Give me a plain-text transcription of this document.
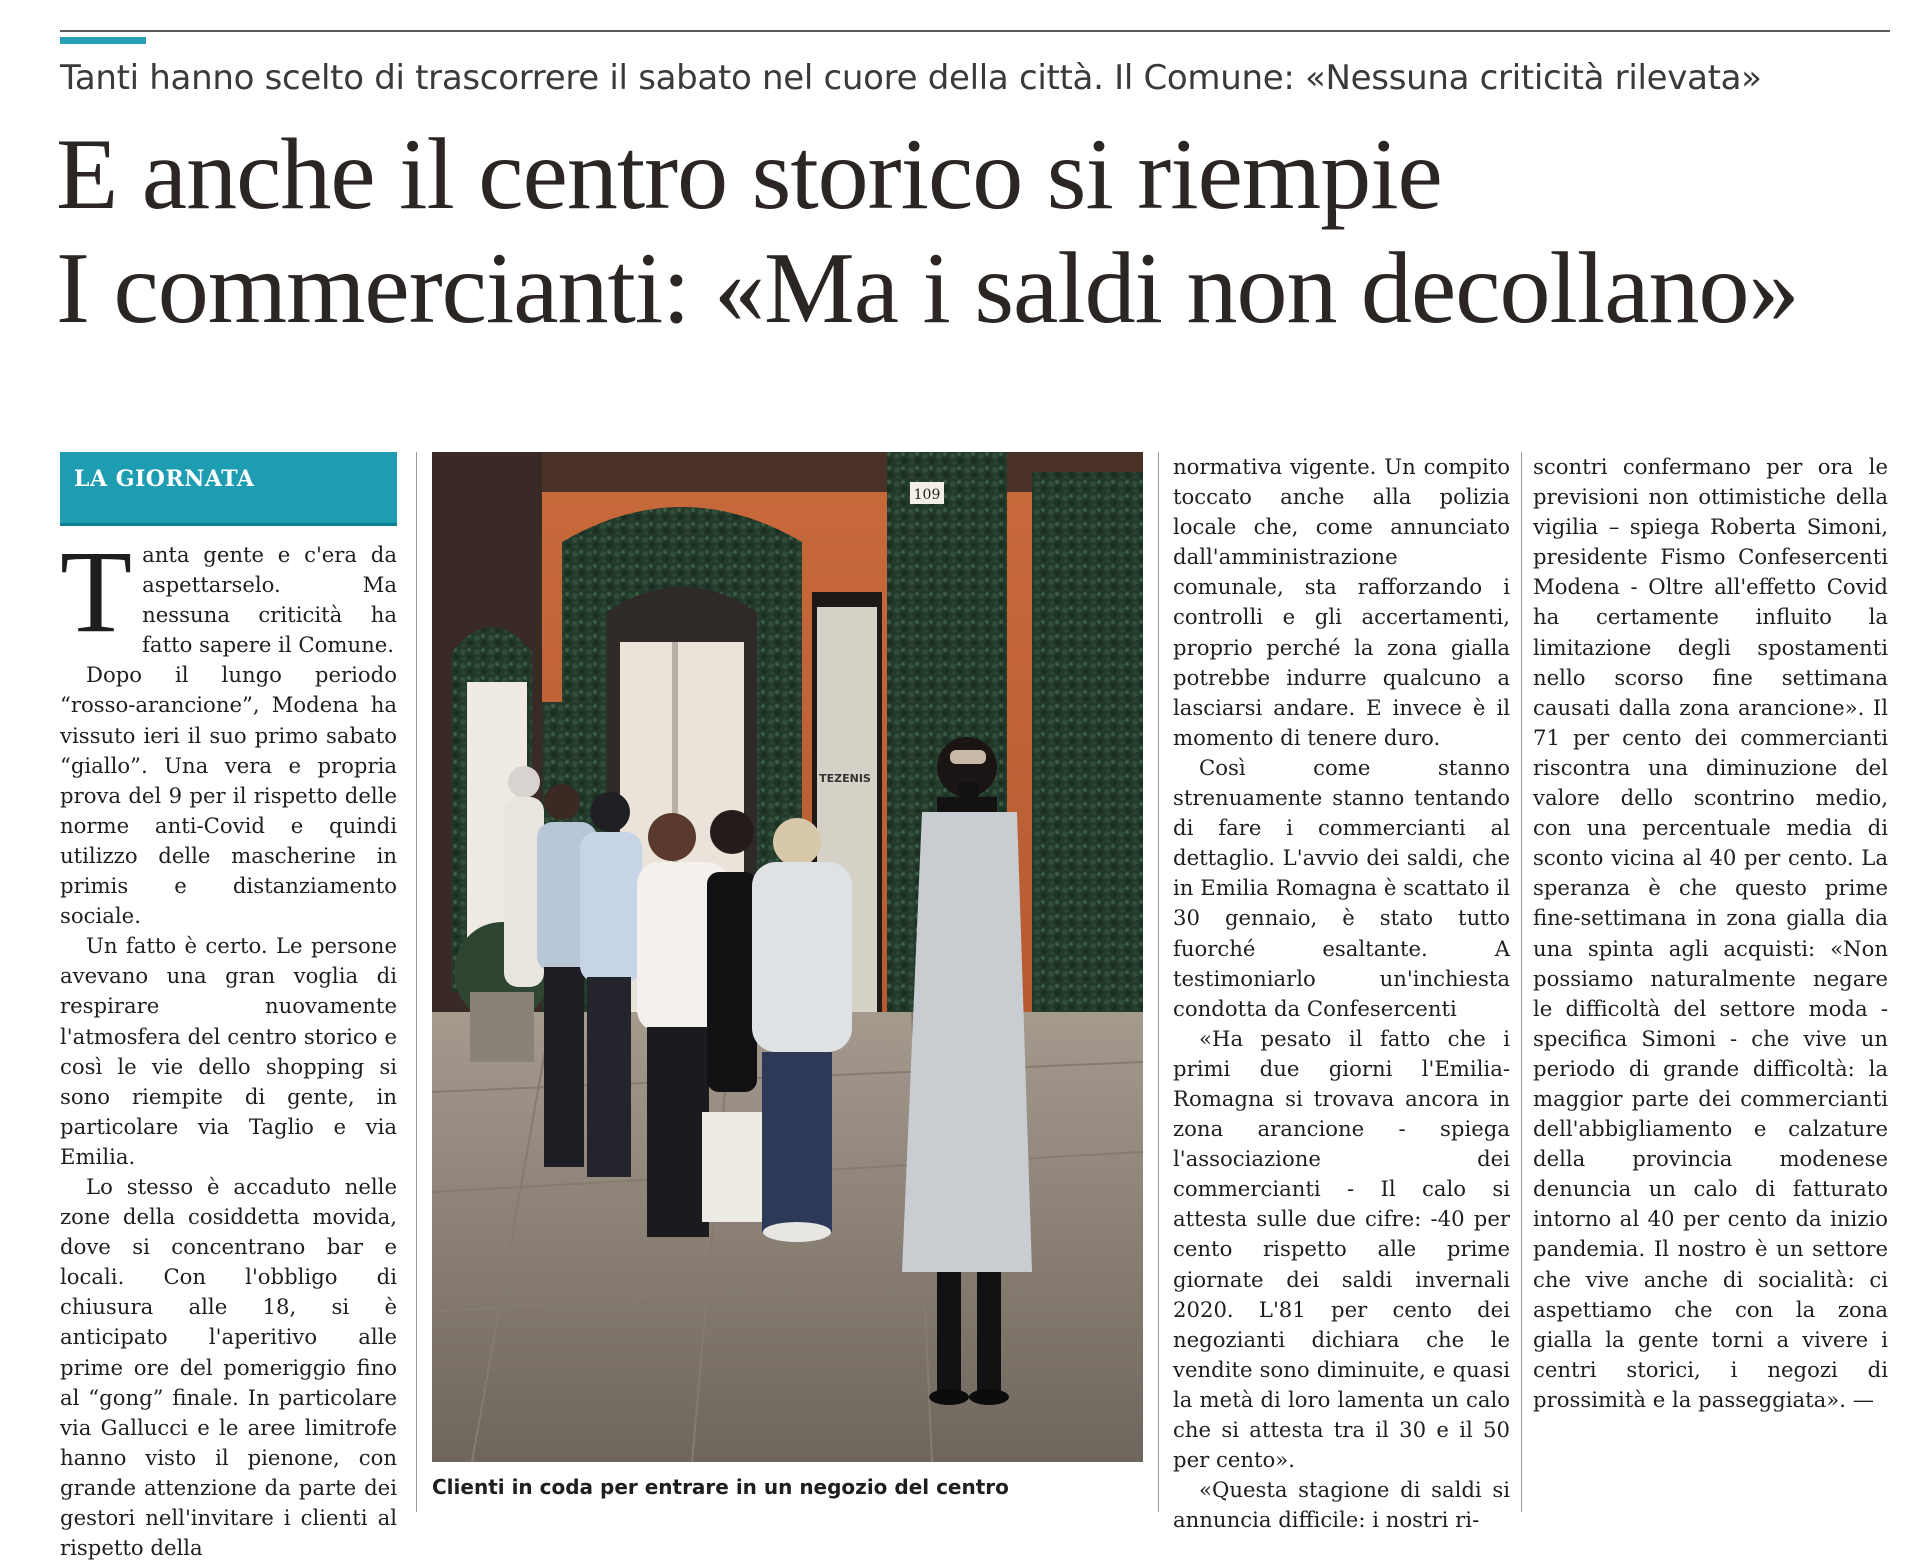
Tanti hanno scelto di trascorrere il sabato nel cuore della città. Il Comune: «Nessuna criticità rilevata»
E anche il centro storico si riempie
I commercianti: «Ma i saldi non decollano»
LA GIORNATA

Tanta gente e c'era da aspettarselo. Ma nessuna criticità ha fatto sapere il Comune.

Dopo il lungo periodo “rosso-arancione”, Modena ha vissuto ieri il suo primo sabato “giallo”. Una vera e propria prova del 9 per il rispetto delle norme anti-Covid e quindi utilizzo delle mascherine in primis e distanziamento sociale.

Un fatto è certo. Le persone avevano una gran voglia di respirare nuovamente l'atmosfera del centro storico e così le vie dello shopping si sono riempite di gente, in particolare via Taglio e via Emilia.

Lo stesso è accaduto nelle zone della cosiddetta movida, dove si concentrano bar e locali. Con l'obbligo di chiusura alle 18, si è anticipato l'aperitivo alle prime ore del pomeriggio fino al “gong” finale. In particolare via Gallucci e le aree limitrofe hanno visto il pienone, con grande attenzione da parte dei gestori nell'invitare i clienti al rispetto della

TEZENIS
109
Clienti in coda per entrare in un negozio del centro

normativa vigente. Un compito toccato anche alla polizia locale che, come annunciato dall'amministrazione comunale, sta rafforzando i controlli e gli accertamenti, proprio perché la zona gialla potrebbe indurre qualcuno a lasciarsi andare. E invece è il momento di tenere duro.

Così come stanno strenuamente stanno tentando di fare i commercianti al dettaglio. L'avvio dei saldi, che in Emilia Romagna è scattato il 30 gennaio, è stato tutto fuorché esaltante. A testimoniarlo un'inchiesta condotta da Confesercenti

«Ha pesato il fatto che i primi due giorni l'Emilia-Romagna si trovava ancora in zona arancione - spiega l'associazione dei commercianti - Il calo si attesta sulle due cifre: -40 per cento rispetto alle prime giornate dei saldi invernali 2020. L'81 per cento dei negozianti dichiara che le vendite sono diminuite, e quasi la metà di loro lamenta un calo che si attesta tra il 30 e il 50 per cento».

«Questa stagione di saldi si annuncia difficile: i nostri ri-

scontri confermano per ora le previsioni non ottimistiche della vigilia – spiega Roberta Simoni, presidente Fismo Confesercenti Modena - Oltre all'effetto Covid ha certamente influito la limitazione degli spostamenti nello scorso fine settimana causati dalla zona arancione». Il 71 per cento dei commercianti riscontra una diminuzione del valore dello scontrino medio, con una percentuale media di sconto vicina al 40 per cento. La speranza è che questo prime fine-settimana in zona gialla dia una spinta agli acquisti: «Non possiamo naturalmente negare le difficoltà del settore moda - specifica Simoni - che vive un periodo di grande difficoltà: la maggior parte dei commercianti dell'abbigliamento e calzature della provincia modenese denuncia un calo di fatturato intorno al 40 per cento da inizio pandemia. Il nostro è un settore che vive anche di socialità: ci aspettiamo che con la zona gialla la gente torni a vivere i centri storici, i negozi di prossimità e la passeggiata». —
